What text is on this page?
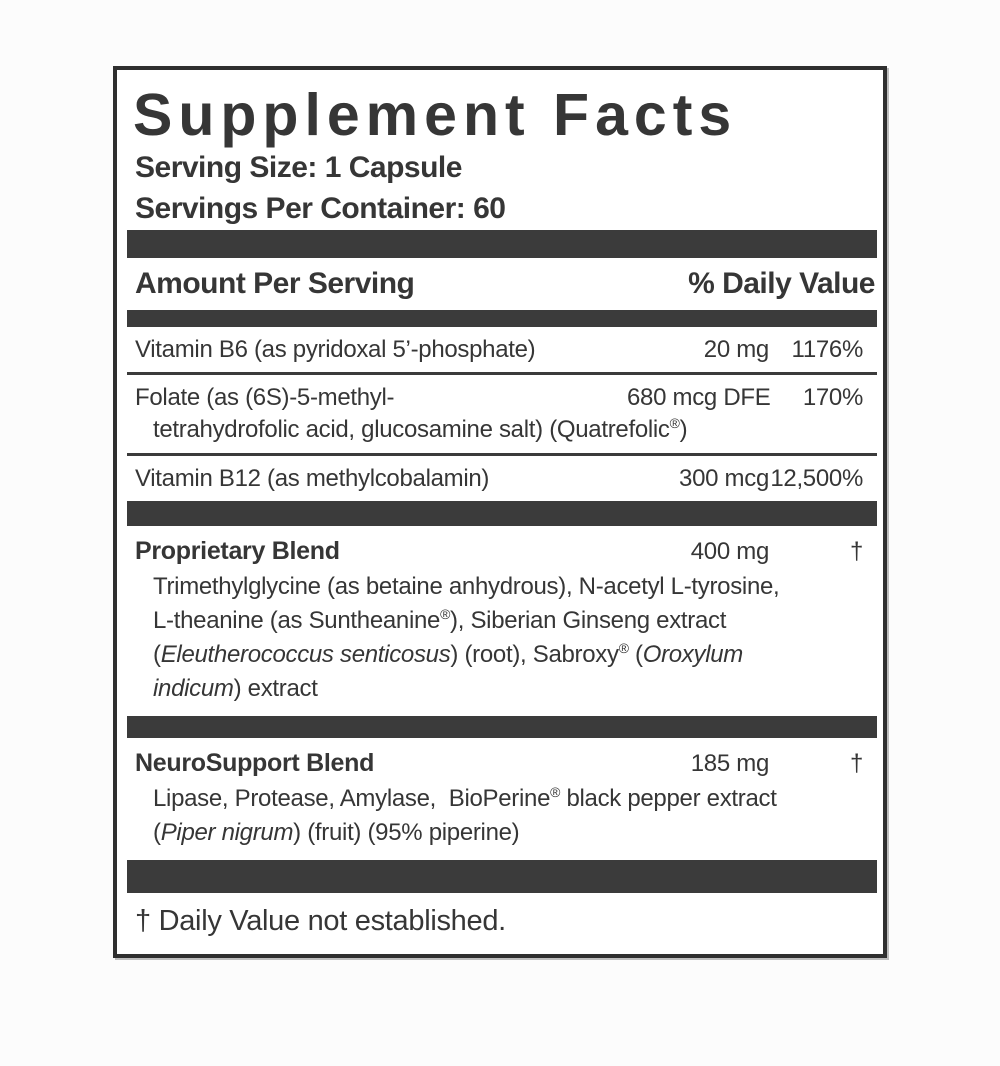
Supplement Facts
Serving Size: 1 Capsule
Servings Per Container: 60
Amount Per Serving	% Daily Value
Vitamin B6 (as pyridoxal 5’-phosphate)	20 mg 1176%
Folate (as (6S)-5-methyl-	680 mcg DFE	170%
tetrahydrofolic acid, glucosamine salt) (Quatrefolic®)
Vitamin B12 (as methylcobalamin)	300 mcg 12,500%
Proprietary Blend	400 mg	†
Trimethylglycine (as betaine anhydrous), N-acetyl L-tyrosine,
L-theanine (as Suntheanine®), Siberian Ginseng extract
(Eleutherococcus senticosus) (root), Sabroxy® (Oroxylum
indicum) extract
NeuroSupport Blend	185 mg	†
Lipase, Protease, Amylase,  BioPerine® black pepper extract
(Piper nigrum) (fruit) (95% piperine)
† Daily Value not established.
